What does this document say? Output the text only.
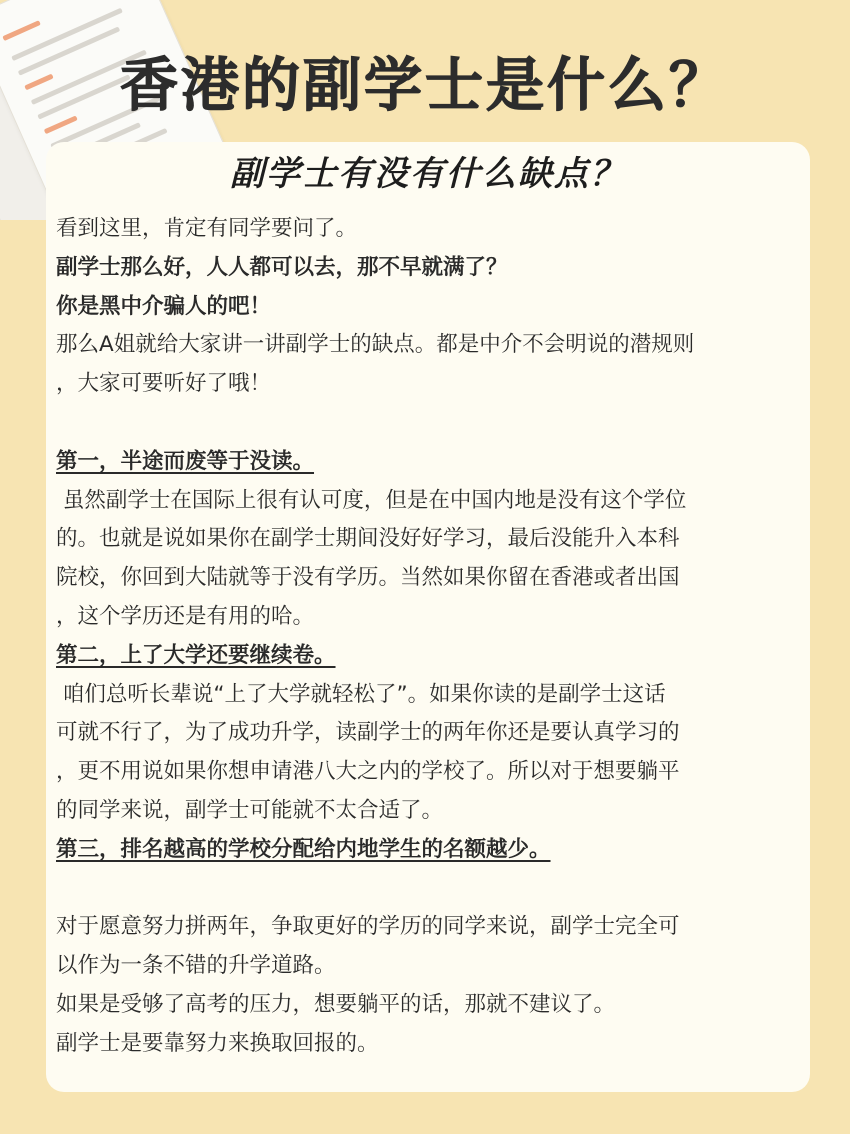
香港的副学士是什么？
副学士有没有什么缺点？

看到这里，肯定有同学要问了。

副学士那么好，人人都可以去，那不早就满了？

你是黑中介骗人的吧！

那么A姐就给大家讲一讲副学士的缺点。都是中介不会明说的潜规则

，大家可要听好了哦！

第一，半途而废等于没读。

虽然副学士在国际上很有认可度，但是在中国内地是没有这个学位

的。也就是说如果你在副学士期间没好好学习，最后没能升入本科

院校，你回到大陆就等于没有学历。当然如果你留在香港或者出国

，这个学历还是有用的哈。

第二，上了大学还要继续卷。

咱们总听长辈说“上了大学就轻松了”。如果你读的是副学士这话

可就不行了，为了成功升学，读副学士的两年你还是要认真学习的

，更不用说如果你想申请港八大之内的学校了。所以对于想要躺平

的同学来说，副学士可能就不太合适了。

第三，排名越高的学校分配给内地学生的名额越少。

对于愿意努力拼两年，争取更好的学历的同学来说，副学士完全可

以作为一条不错的升学道路。

如果是受够了高考的压力，想要躺平的话，那就不建议了。

副学士是要靠努力来换取回报的。
